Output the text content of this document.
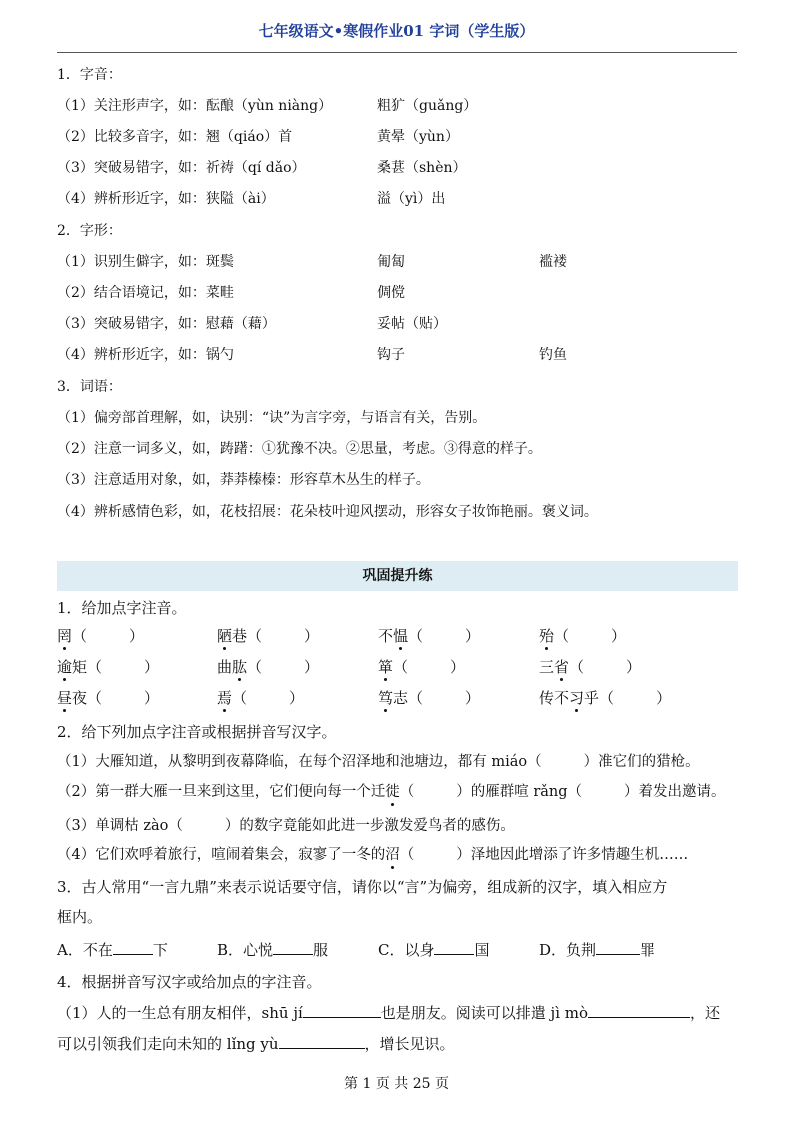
七年级语文•寒假作业01 字词（学生版）
1．字音：
（1）关注形声字，如：酝酿（yùn niàng）	粗犷（guǎng）
（2）比较多音字，如：翘（qiáo）首	黄晕（yùn）
（3）突破易错字，如：祈祷（qí dǎo）	桑葚（shèn）
（4）辨析形近字，如：狭隘（ài）	溢（yì）出
2．字形：
（1）识别生僻字，如：斑鬓	匍匐	褴褛
（2）结合语境记，如：菜畦	倜傥
（3）突破易错字，如：慰藉（藉）	妥帖（贴）
（4）辨析形近字，如：锅勺	钩子	钓鱼
3．词语：
（1）偏旁部首理解，如，诀别：“诀”为言字旁，与语言有关，告别。
（2）注意一词多义，如，踌躇：①犹豫不决。②思量，考虑。③得意的样子。
（3）注意适用对象，如，莽莽榛榛：形容草木丛生的样子。
（4）辨析感情色彩，如，花枝招展：花朵枝叶迎风摆动，形容女子妆饰艳丽。褒义词。
巩固提升练
1．给加点字注音。
罔（	）	陋巷（	）	不愠（	）	殆（	）
逾矩（	）	曲肱（	）	箪（	）	三省（	）
昼夜（	）	焉（	）	笃志（	）	传不习乎（	）
2．给下列加点字注音或根据拼音写汉字。
（1）大雁知道，从黎明到夜幕降临，在每个沼泽地和池塘边，都有 miáo（	）准它们的猎枪。
（2）第一群大雁一旦来到这里，它们便向每一个迁徙（	）的雁群喧 rǎng（	）着发出邀请。
（3）单调枯 zào（	）的数字竟能如此进一步激发爱鸟者的感伤。
（4）它们欢呼着旅行，喧闹着集会，寂寥了一冬的沼（	）泽地因此增添了许多情趣生机……
3．古人常用“一言九鼎”来表示说话要守信，请你以“言”为偏旁，组成新的汉字，填入相应方
框内。
A．不在	下	B．心悦	服	C．以身	国	D．负荆	罪
4．根据拼音写汉字或给加点的字注音。
（1）人的一生总有朋友相伴，shū jí	也是朋友。阅读可以排遣 jì mò	，还
可以引领我们走向未知的 lǐng yù	，增长见识。
第 1 页 共 25 页
